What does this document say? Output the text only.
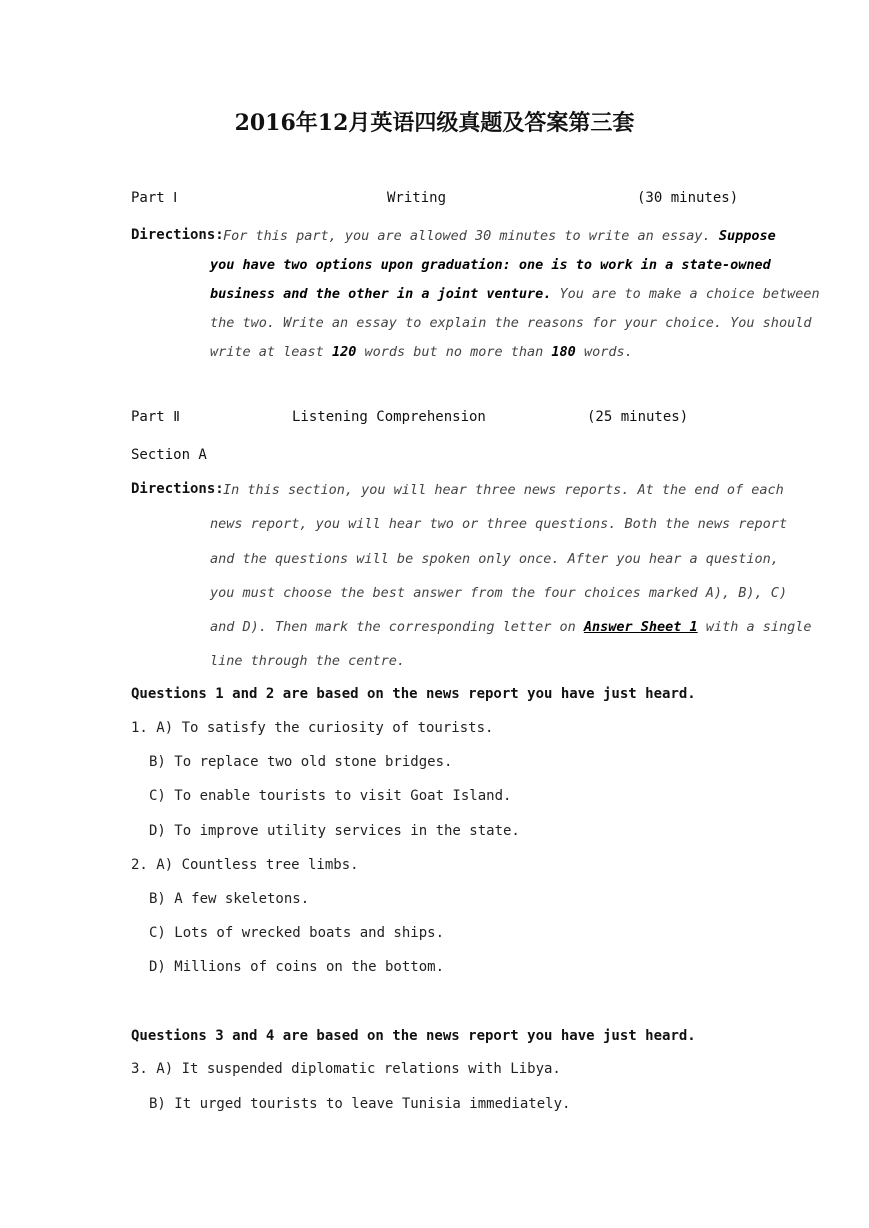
2016年12月英语四级真题及答案第三套
Part Ⅰ	Writing	(30 minutes)
Directions: For this part, you are allowed 30 minutes to write an essay. Suppose
you have two options upon graduation: one is to work in a state-owned
business and the other in a joint venture. You are to make a choice between
the two. Write an essay to explain the reasons for your choice. You should
write at least 120 words but no more than 180 words.
Part Ⅱ	Listening Comprehension	(25 minutes)
Section A
Directions: In this section, you will hear three news reports. At the end of each
news report, you will hear two or three questions. Both the news report
and the questions will be spoken only once. After you hear a question,
you must choose the best answer from the four choices marked A), B), C)
and D). Then mark the corresponding letter on Answer Sheet 1 with a single
line through the centre.
Questions 1 and 2 are based on the news report you have just heard.
1. A) To satisfy the curiosity of tourists.
B) To replace two old stone bridges.
C) To enable tourists to visit Goat Island.
D) To improve utility services in the state.
2. A) Countless tree limbs.
B) A few skeletons.
C) Lots of wrecked boats and ships.
D) Millions of coins on the bottom.
Questions 3 and 4 are based on the news report you have just heard.
3. A) It suspended diplomatic relations with Libya.
B) It urged tourists to leave Tunisia immediately.
